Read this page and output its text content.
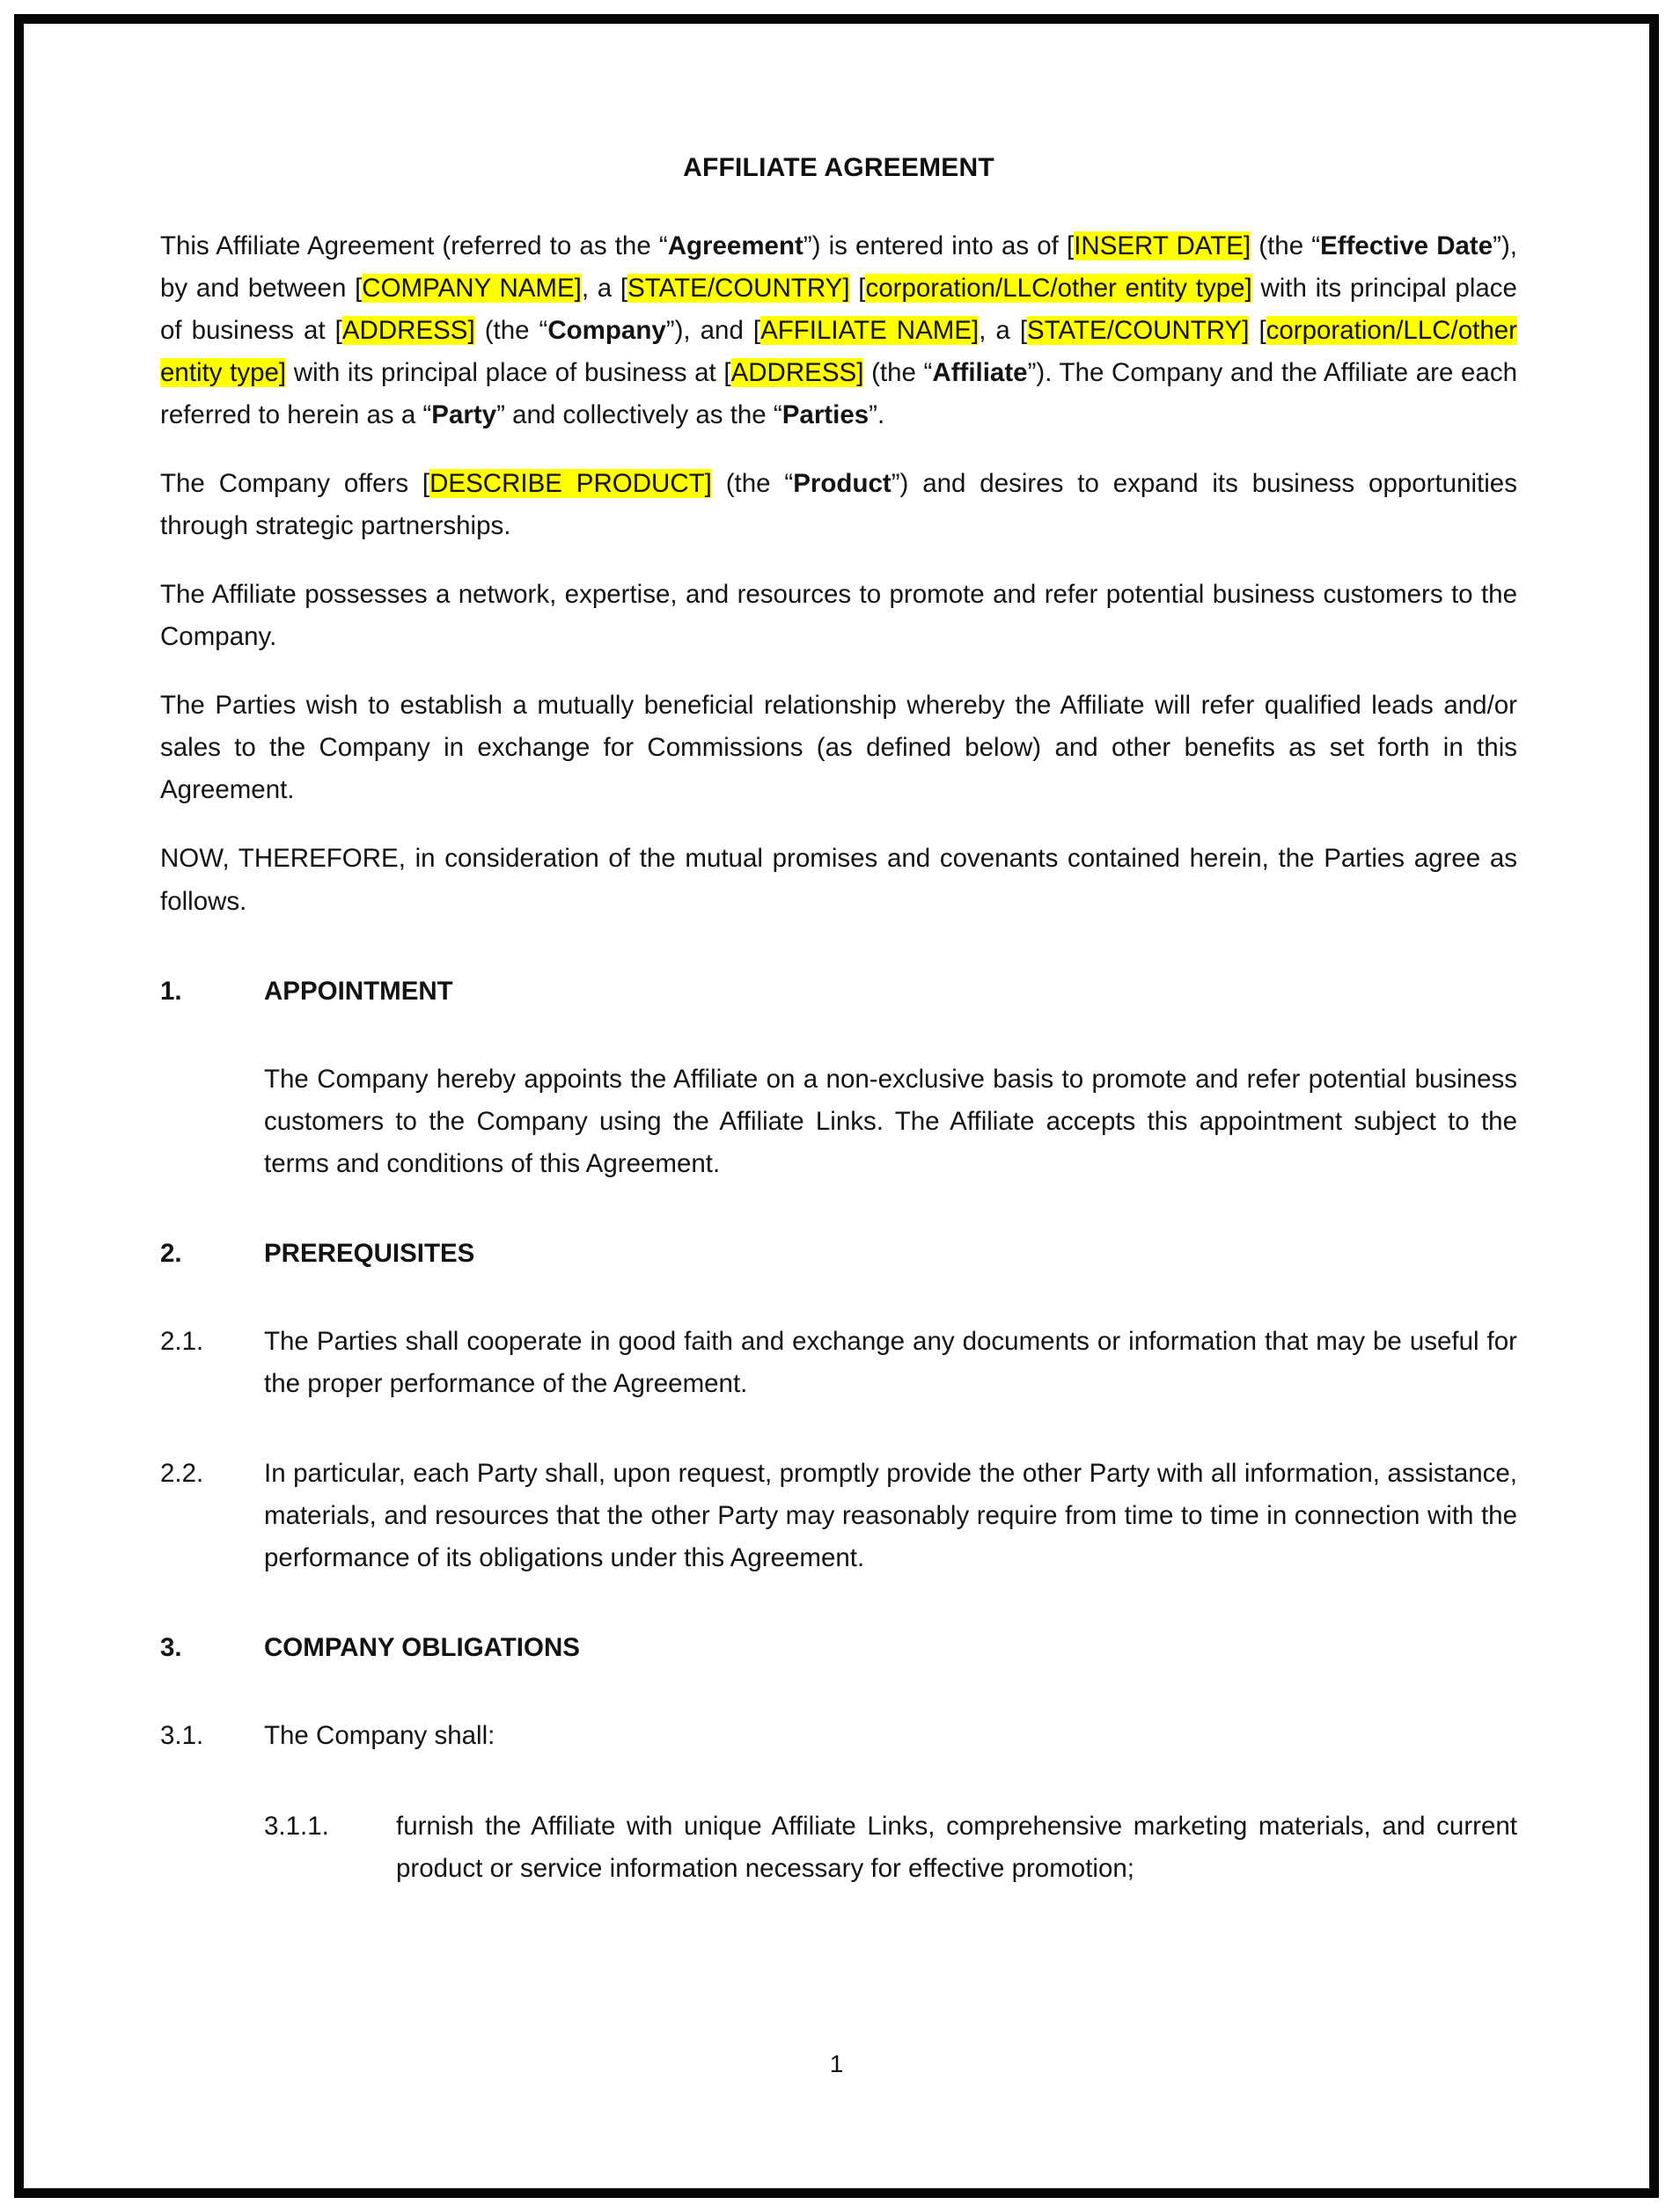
AFFILIATE AGREEMENT

This Affiliate Agreement (referred to as the “Agreement”) is entered into as of [INSERT DATE] (the “Effective Date”), by and between [COMPANY NAME], a [STATE/COUNTRY] [corporation/LLC/other entity type] with its principal place of business at [ADDRESS] (the “Company”), and [AFFILIATE NAME], a [STATE/COUNTRY] [corporation/LLC/other entity type] with its principal place of business at [ADDRESS] (the “Affiliate”). The Company and the Affiliate are each referred to herein as a “Party” and collectively as the “Parties”.

The Company offers [DESCRIBE PRODUCT] (the “Product”) and desires to expand its business opportunities through strategic partnerships.

The Affiliate possesses a network, expertise, and resources to promote and refer potential business customers to the Company.

The Parties wish to establish a mutually beneficial relationship whereby the Affiliate will refer qualified leads and/or sales to the Company in exchange for Commissions (as defined below) and other benefits as set forth in this Agreement.

NOW, THEREFORE, in consideration of the mutual promises and covenants contained herein, the Parties agree as follows.

1.	APPOINTMENT
The Company hereby appoints the Affiliate on a non-exclusive basis to promote and refer potential business customers to the Company using the Affiliate Links. The Affiliate accepts this appointment subject to the terms and conditions of this Agreement.
2.	PREREQUISITES
2.1.	The Parties shall cooperate in good faith and exchange any documents or information that may be useful for the proper performance of the Agreement.
2.2.	In particular, each Party shall, upon request, promptly provide the other Party with all information, assistance, materials, and resources that the other Party may reasonably require from time to time in connection with the performance of its obligations under this Agreement.
3.	COMPANY OBLIGATIONS
3.1.	The Company shall:
3.1.1.	furnish the Affiliate with unique Affiliate Links, comprehensive marketing materials, and current product or service information necessary for effective promotion;
1
